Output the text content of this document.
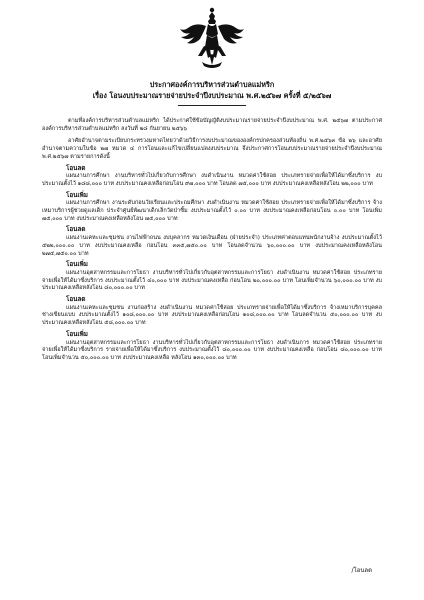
ประกาศองค์การบริหารส่วนตำบลแม่หริก
เรื่อง โอนงบประมาณรายจ่ายประจำปีงบประมาณ พ.ศ.๒๕๖๗ ครั้งที่ ๕/๒๕๖๗

ตามที่องค์การบริหารส่วนตำบลแม่หริก ได้ประกาศใช้ข้อบัญญัติงบประมาณรายจ่ายประจำปีงบประมาณ พ.ศ. ๒๕๖๗ ตามประกาศองค์การบริหารส่วนตำบลแม่หริก ลงวันที่ ๒๘ กันยายน ๒๕๖๖

อาศัยอำนาจตามระเบียบกระทรวงมหาดไทยว่าด้วยวิธีการงบประมาณขององค์กรปกครองส่วนท้องถิ่น พ.ศ.๒๕๖๓ ข้อ ๒๖ และอาศัยอำนาจตามความในข้อ ๒๗ หมวด ๔ การโอนและแก้ไขเปลี่ยนแปลงงบประมาณ จึงประกาศการโอนงบประมาณรายจ่ายประจำปีงบประมาณ พ.ศ.๒๕๖๗ ตามรายการดังนี้

โอนลด

แผนงานการศึกษา งานบริหารทั่วไปเกี่ยวกับการศึกษา งบดำเนินงาน หมวดค่าใช้สอย ประเภทรายจ่ายเพื่อให้ได้มาซึ่งบริการ งบประมาณตั้งไว้ ๑๘๘,๐๐๐ บาท งบประมาณคงเหลือก่อนโอน ๙๗,๐๐๐ บาท โอนลด ๗๕,๐๐๐ บาท งบประมาณคงเหลือหลังโอน ๒๒,๐๐๐ บาท

โอนเพิ่ม

แผนงานการศึกษา งานระดับก่อนวัยเรียนและประถมศึกษา งบดำเนินงาน หมวดค่าใช้สอย ประเภทรายจ่ายเพื่อให้ได้มาซึ่งบริการ จ้างเหมาบริการผู้ช่วยดูแลเด็ก ประจำศูนย์พัฒนาเด็กเล็กวัดป่าซิ้ม งบประมาณตั้งไว้ ๐.๐๐ บาท งบประมาณคงเหลือก่อนโอน ๐.๐๐ บาท โอนเพิ่ม ๗๕,๐๐๐ บาท งบประมาณคงเหลือหลังโอน ๗๕,๐๐๐ บาท

โอนลด

แผนงานเคหะและชุมชน งานไฟฟ้าถนน งบบุคลากร หมวดเงินเดือน (ฝ่ายประจำ) ประเภทค่าตอบแทนพนักงานจ้าง งบประมาณตั้งไว้ ๕๒๒,๐๐๐.๐๐ บาท งบประมาณคงเหลือ ก่อนโอน ๓๓๕,๗๕๐.๐๐ บาท โอนลดจำนวน ๖๐,๐๐๐.๐๐ บาท งบประมาณคงเหลือหลังโอน ๒๗๕,๗๕๐.๐๐ บาท

โอนเพิ่ม

แผนงานอุตสาหกรรมและการโยธา งานบริหารทั่วไปเกี่ยวกับอุตสาหกรรมและการโยธา งบดำเนินงาน หมวดค่าใช้สอย ประเภทรายจ่ายเพื่อให้ได้มาซึ่งบริการ งบประมาณตั้งไว้ ๔๐,๐๐๐ บาท งบประมาณคงเหลือ ก่อนโอน ๒๐,๐๐๐.๐๐ บาท โอนเพิ่มจำนวน ๖๐,๐๐๐.๐๐ บาท งบประมาณคงเหลือหลังโอน ๘๐,๐๐๐.๐๐ บาท

โอนลด

แผนงานเคหะและชุมชน งานก่อสร้าง งบดำเนินงาน หมวดค่าใช้สอย ประเภทรายจ่ายเพื่อให้ได้มาซึ่งบริการ จ้างเหมาบริการบุคคลช่างเขียนแบบ งบประมาณตั้งไว้ ๑๐๘,๐๐๐.๐๐ บาท งบประมาณคงเหลือก่อนโอน ๑๐๘,๐๐๐.๐๐ บาท โอนลดจำนวน ๕๐,๐๐๐.๐๐ บาท งบประมาณคงเหลือหลังโอน ๕๘,๐๐๐.๐๐ บาท

โอนเพิ่ม

แผนงานอุตสาหกรรมและการโยธา งานบริหารทั่วไปเกี่ยวกับอุตสาหกรรมและการโยธา งบดำเนินการ หมวดค่าใช้สอย ประเภทรายจ่ายเพื่อให้ได้มาซึ่งบริการ รายจ่ายเพื่อให้ได้มาซึ่งบริการ งบประมาณตั้งไว้ ๘๐,๐๐๐.๐๐ บาท งบประมาณคงเหลือ ก่อนโอน ๘๐,๐๐๐.๐๐ บาท โอนเพิ่มจำนวน ๕๐,๐๐๐.๐๐ บาท งบประมาณคงเหลือ หลังโอน ๑๓๐,๐๐๐.๐๐ บาท

/โอนลด
